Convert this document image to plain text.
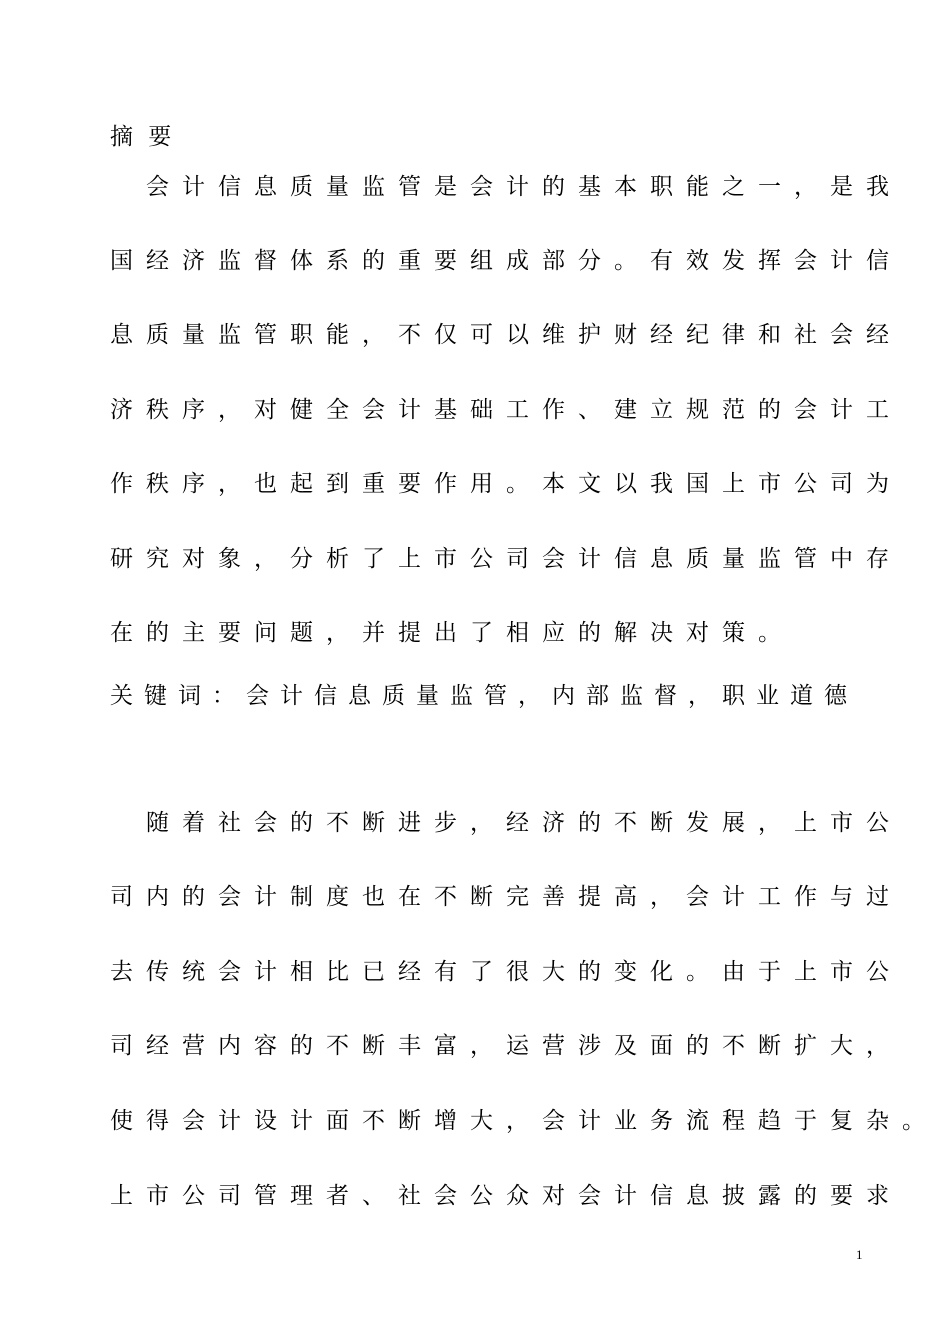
摘 要
　会计信息质量监管是会计的基本职能之一，是我
国经济监督体系的重要组成部分。有效发挥会计信
息质量监管职能，不仅可以维护财经纪律和社会经
济秩序，对健全会计基础工作、建立规范的会计工
作秩序，也起到重要作用。本文以我国上市公司为
研究对象，分析了上市公司会计信息质量监管中存
在的主要问题，并提出了相应的解决对策。
关键词：会计信息质量监管，内部监督，职业道德
　随着社会的不断进步，经济的不断发展，上市公
司内的会计制度也在不断完善提高，会计工作与过
去传统会计相比已经有了很大的变化。由于上市公
司经营内容的不断丰富，运营涉及面的不断扩大，
使得会计设计面不断增大，会计业务流程趋于复杂。
上市公司管理者、社会公众对会计信息披露的要求
1
